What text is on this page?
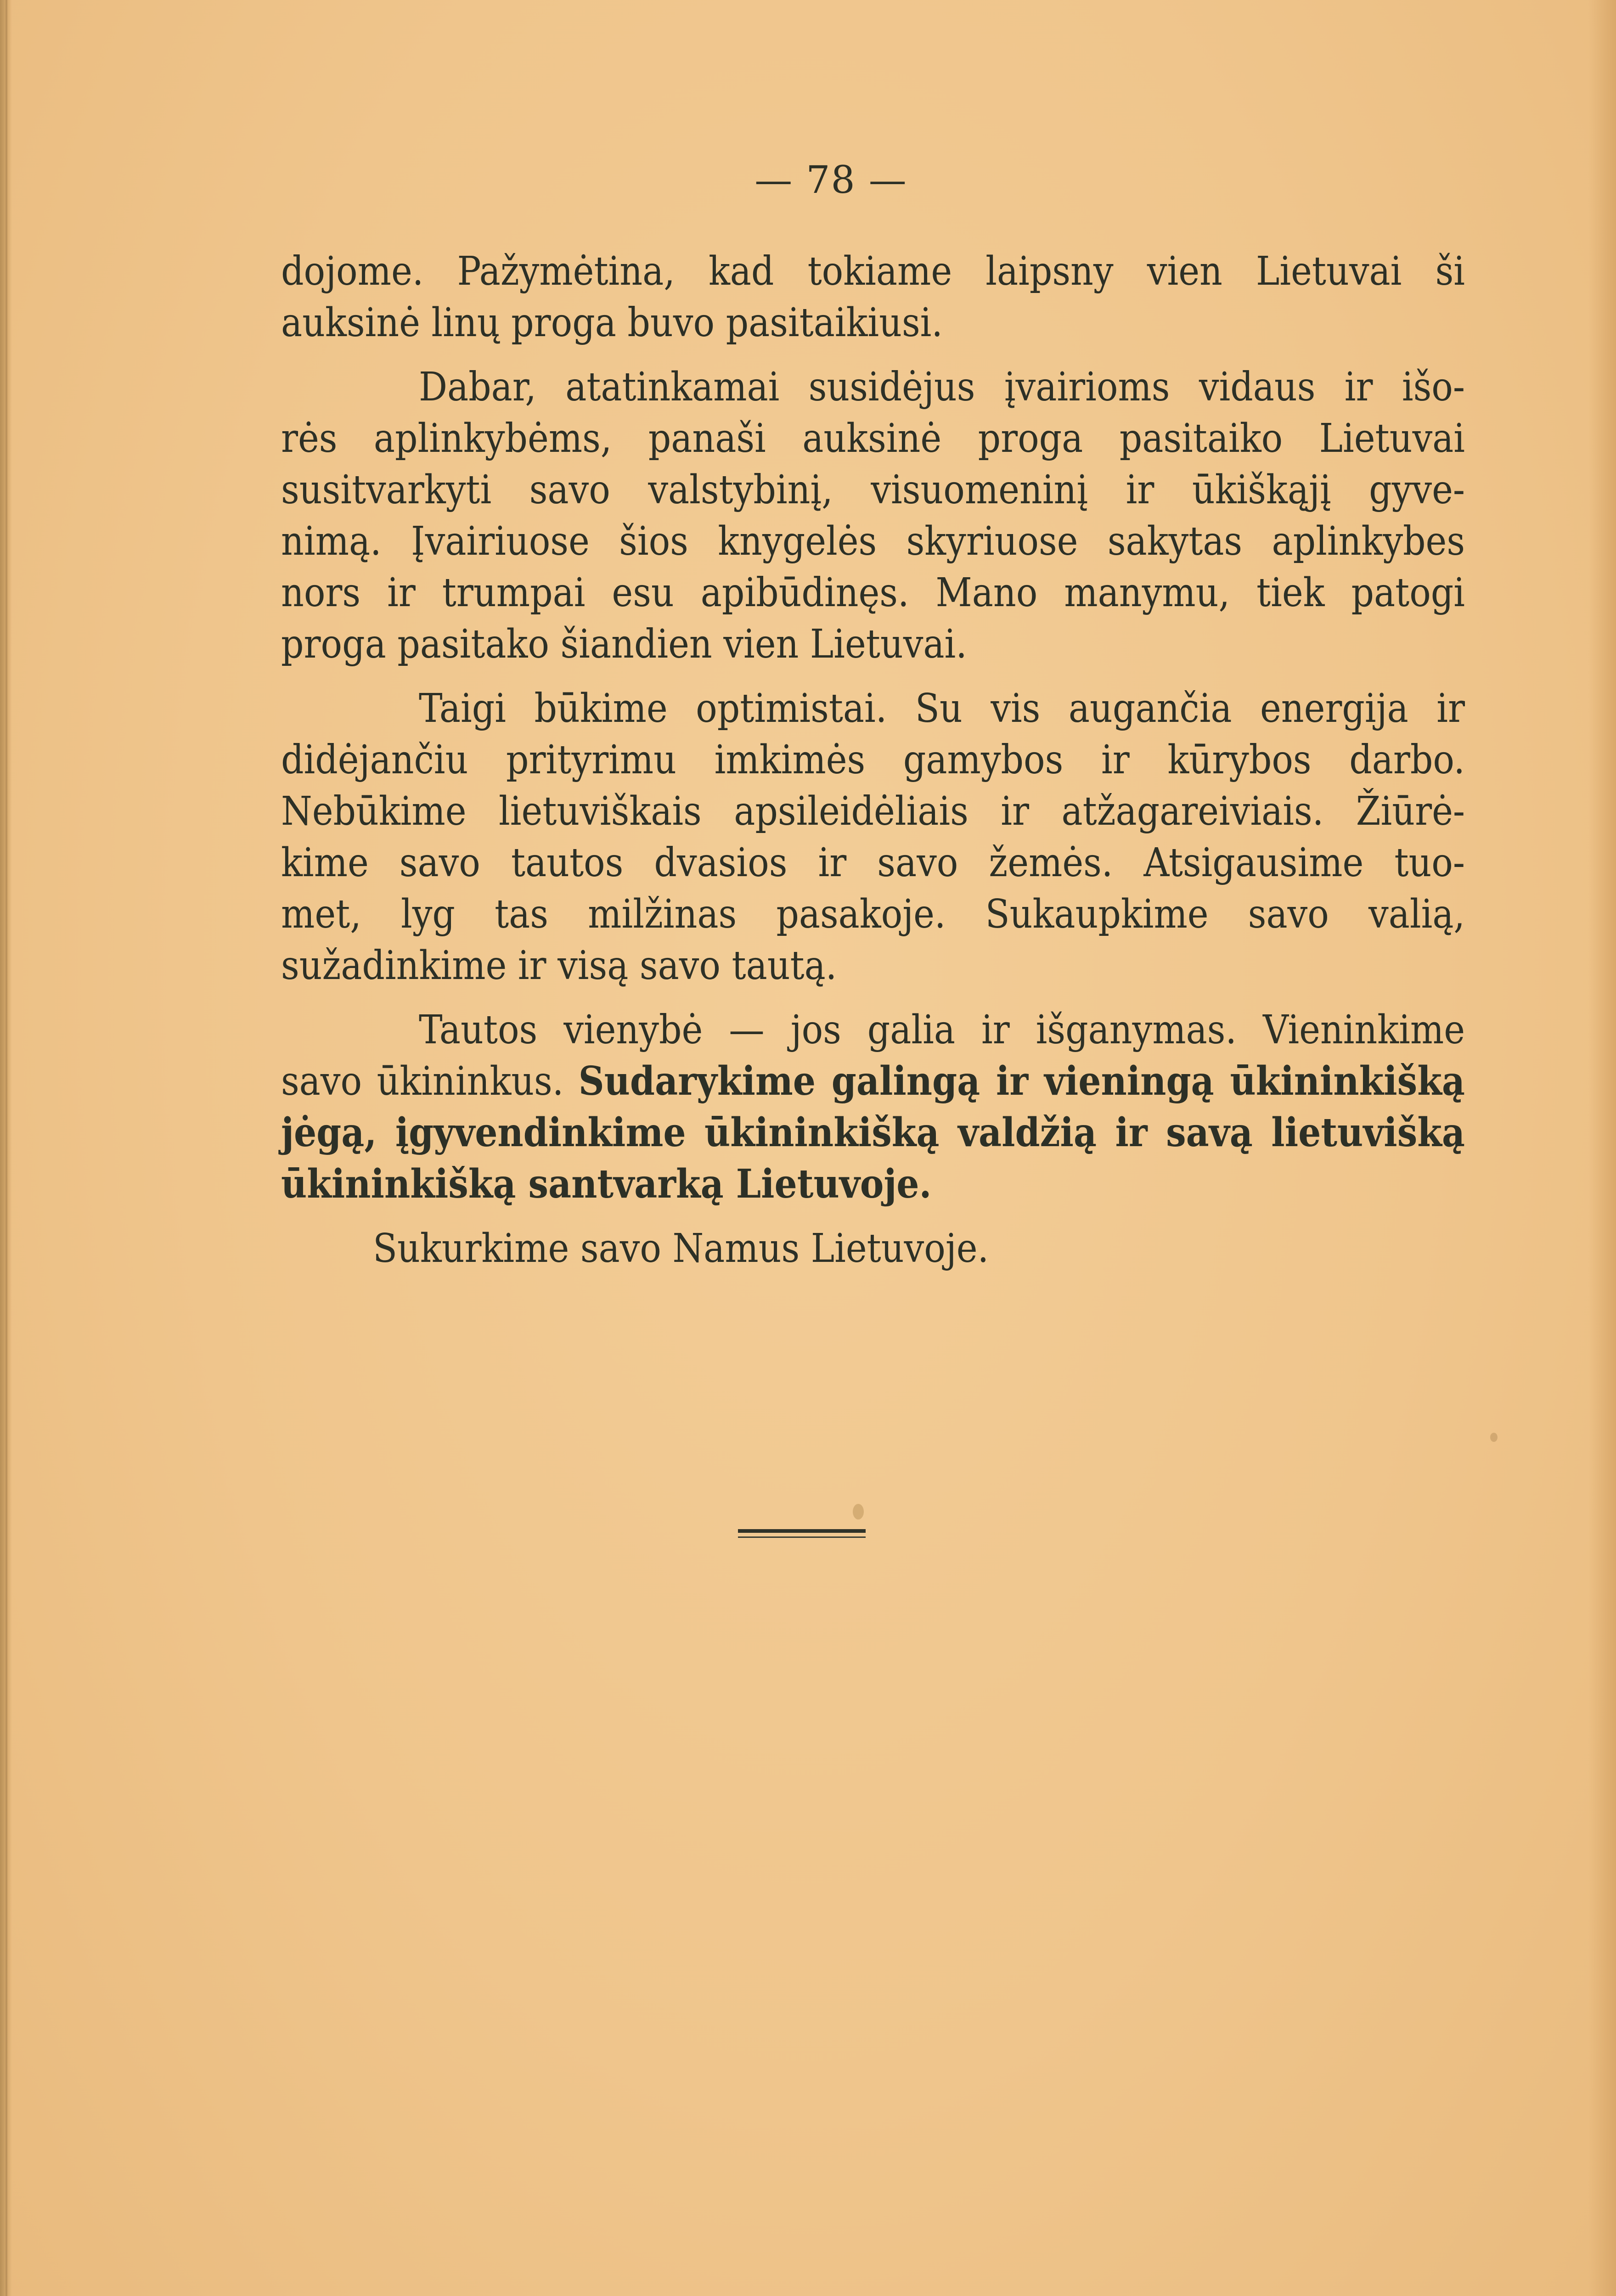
— 78 —

dojome. Pažymėtina, kad tokiame laipsny vien Lietuvai ši
auksinė linų proga buvo pasitaikiusi.

Dabar, atatinkamai susidėjus įvairioms vidaus ir išo-
rės aplinkybėms, panaši auksinė proga pasitaiko Lietuvai
susitvarkyti savo valstybinį, visuomeninį ir ūkiškąjį gyve-
nimą. Įvairiuose šios knygelės skyriuose sakytas aplinkybes
nors ir trumpai esu apibūdinęs. Mano manymu, tiek patogi
proga pasitako šiandien vien Lietuvai.

Taigi būkime optimistai. Su vis augančia energija ir
didėjančiu prityrimu imkimės gamybos ir kūrybos darbo.
Nebūkime lietuviškais apsileidėliais ir atžagareiviais. Žiūrė-
kime savo tautos dvasios ir savo žemės. Atsigausime tuo-
met, lyg tas milžinas pasakoje. Sukaupkime savo valią,
sužadinkime ir visą savo tautą.

Tautos vienybė — jos galia ir išganymas. Vieninkime
savo ūkininkus. Sudarykime galingą ir vieningą ūkininkišką
jėgą, įgyvendinkime ūkininkišką valdžią ir savą lietuvišką
ūkininkišką santvarką Lietuvoje.

Sukurkime savo Namus Lietuvoje.
